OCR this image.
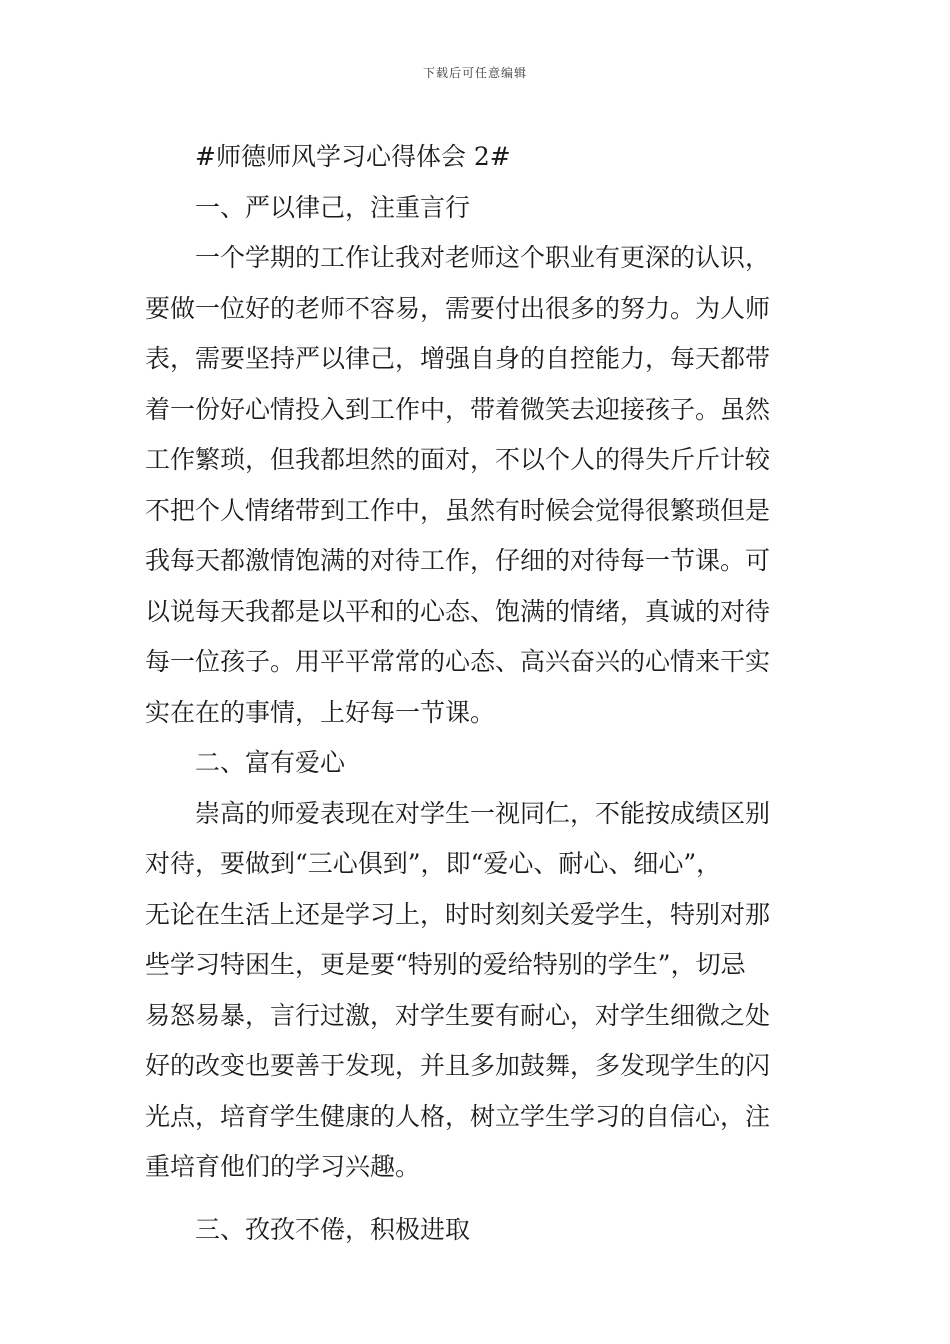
下载后可任意编辑
#师德师风学习心得体会 2#
一、严以律己，注重言行
一个学期的工作让我对老师这个职业有更深的认识，
要做一位好的老师不容易，需要付出很多的努力。为人师
表，需要坚持严以律己，增强自身的自控能力，每天都带
着一份好心情投入到工作中，带着微笑去迎接孩子。虽然
工作繁琐，但我都坦然的面对，不以个人的得失斤斤计较
不把个人情绪带到工作中，虽然有时候会觉得很繁琐但是
我每天都激情饱满的对待工作，仔细的对待每一节课。可
以说每天我都是以平和的心态、饱满的情绪，真诚的对待
每一位孩子。用平平常常的心态、高兴奋兴的心情来干实
实在在的事情，上好每一节课。
二、富有爱心
崇高的师爱表现在对学生一视同仁，不能按成绩区别
对待，要做到“三心俱到”，即“爱心、耐心、细心”，
无论在生活上还是学习上，时时刻刻关爱学生，特别对那
些学习特困生，更是要“特别的爱给特别的学生”，切忌
易怒易暴，言行过激，对学生要有耐心，对学生细微之处
好的改变也要善于发现，并且多加鼓舞，多发现学生的闪
光点，培育学生健康的人格，树立学生学习的自信心，注
重培育他们的学习兴趣。
三、孜孜不倦，积极进取
